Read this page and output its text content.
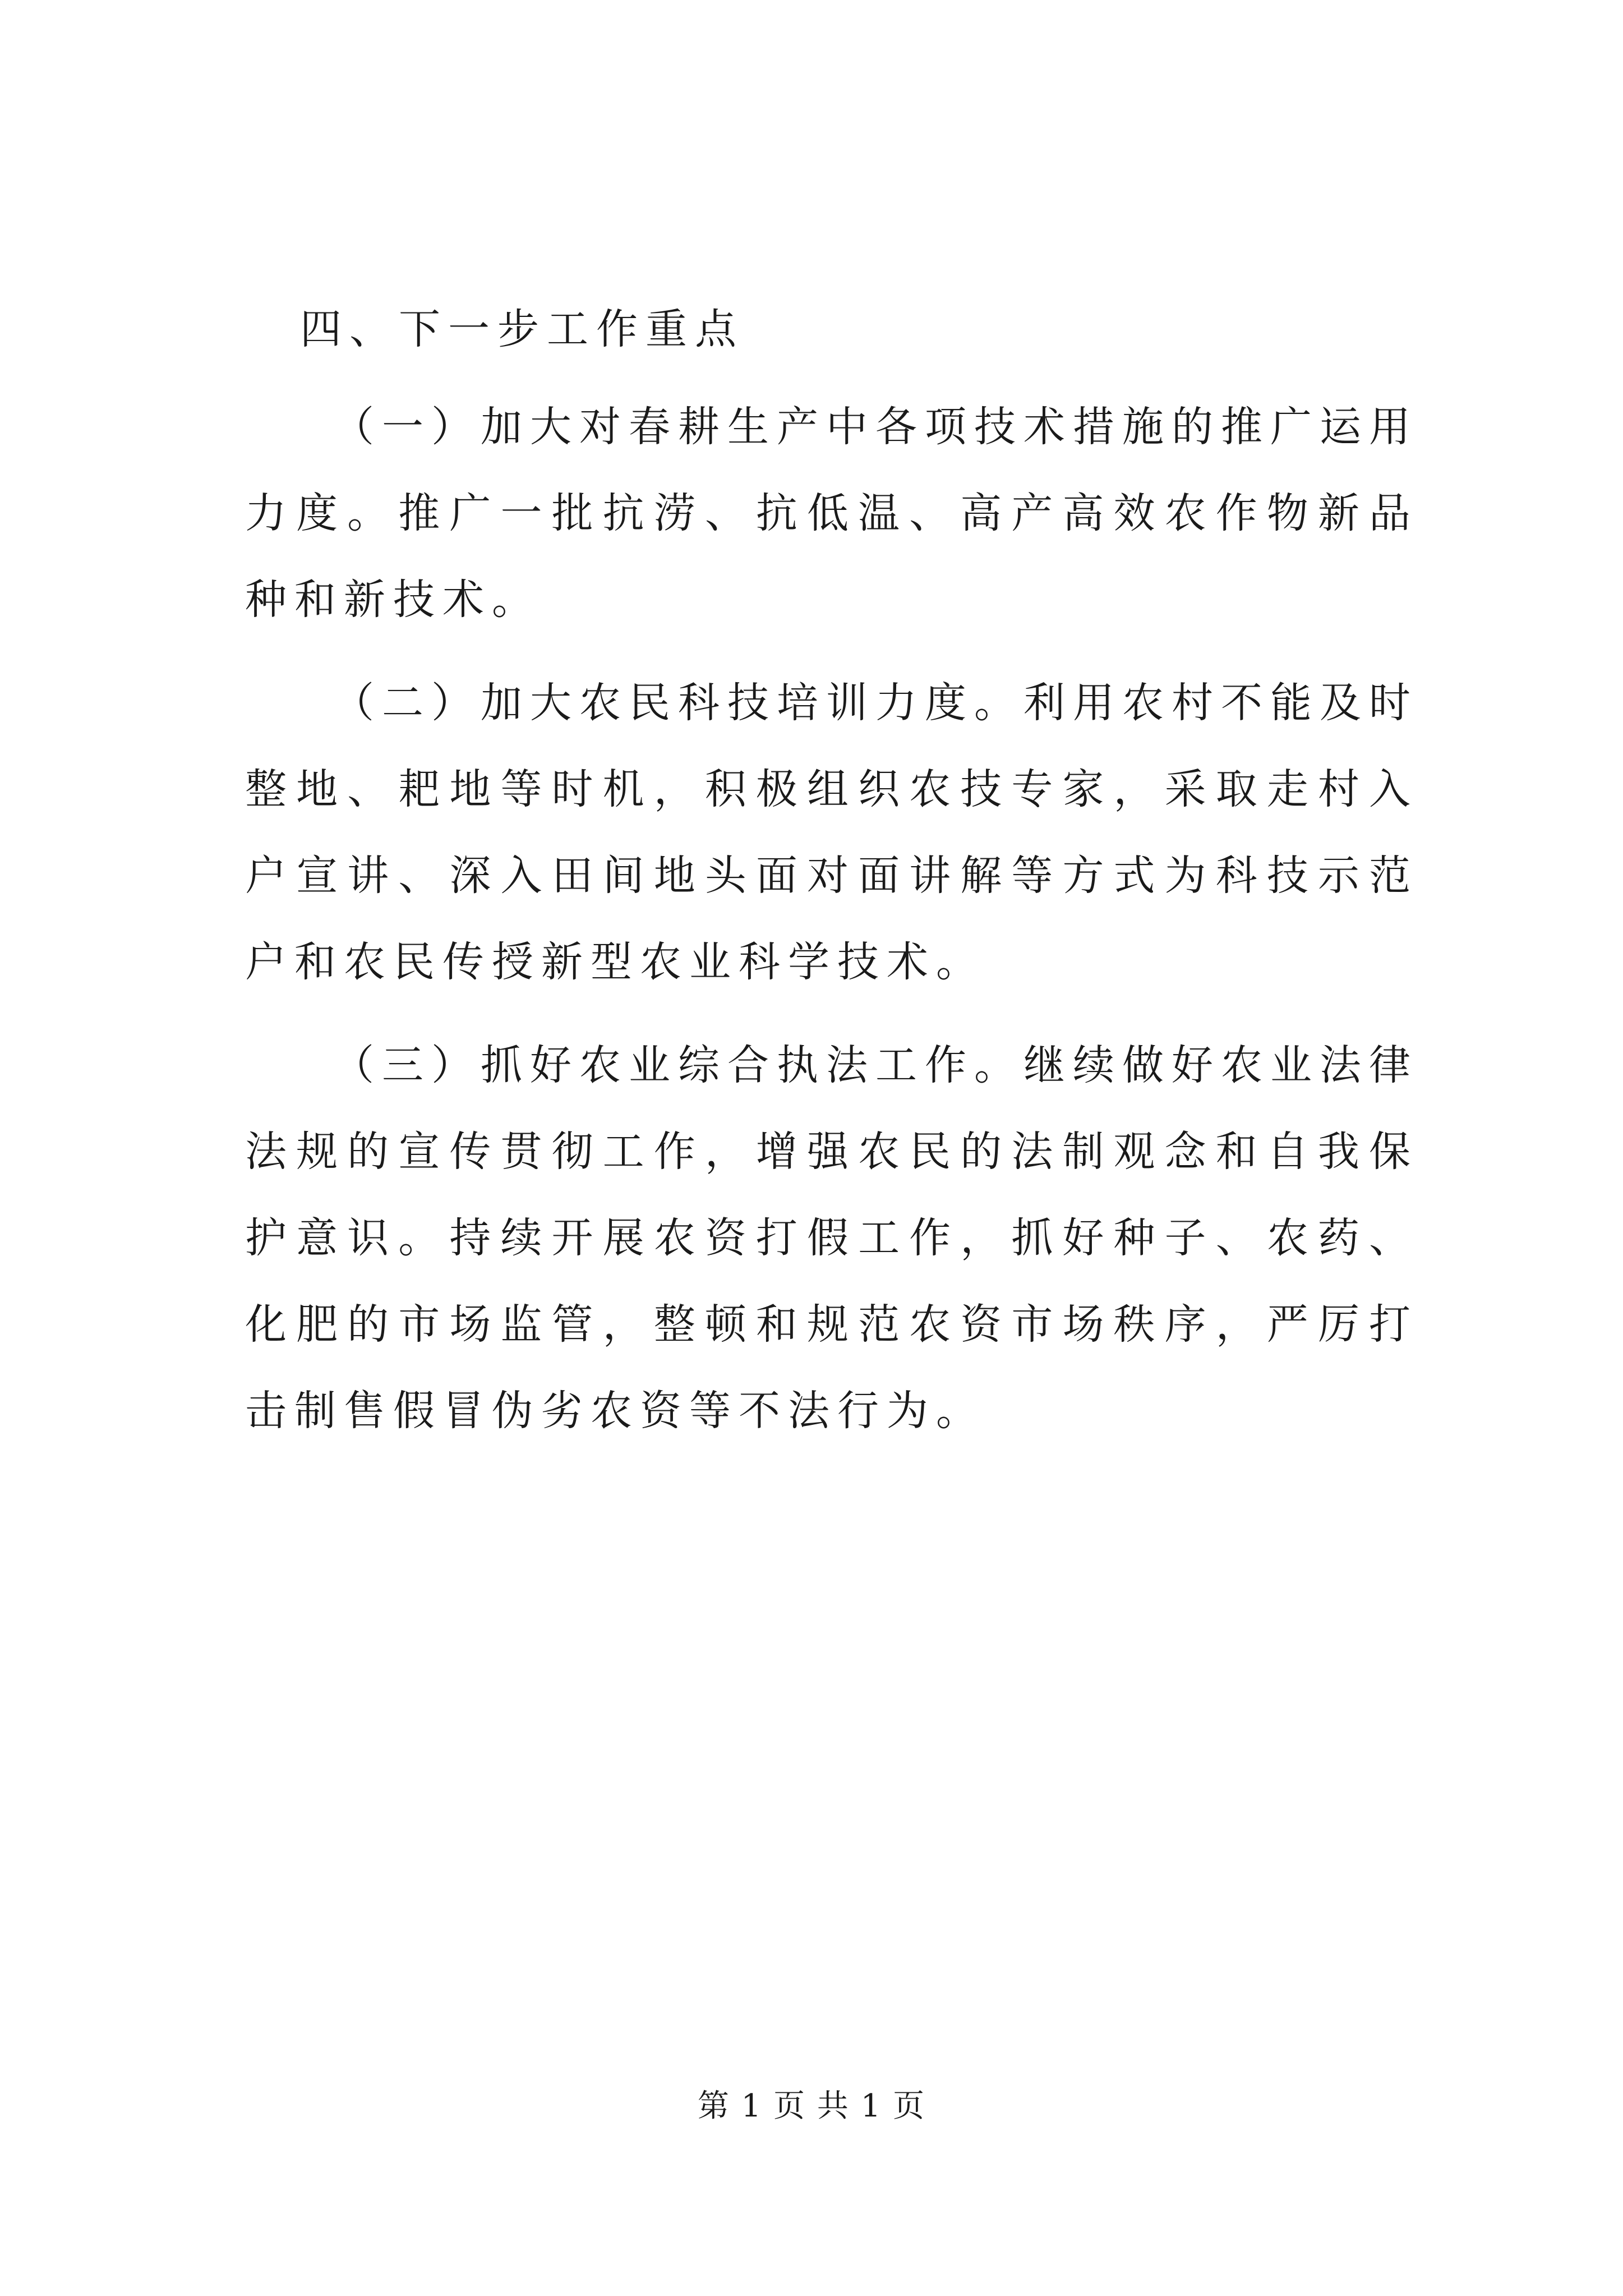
四、下一步工作重点

（一）加大对春耕生产中各项技术措施的推广运用力度。推广一批抗涝、抗低温、高产高效农作物新品种和新技术。

（二）加大农民科技培训力度。利用农村不能及时整地、耙地等时机，积极组织农技专家，采取走村入户宣讲、深入田间地头面对面讲解等方式为科技示范户和农民传授新型农业科学技术。

（三）抓好农业综合执法工作。继续做好农业法律法规的宣传贯彻工作，增强农民的法制观念和自我保护意识。持续开展农资打假工作，抓好种子、农药、化肥的市场监管，整顿和规范农资市场秩序，严厉打击制售假冒伪劣农资等不法行为。

第 1 页 共 1 页
